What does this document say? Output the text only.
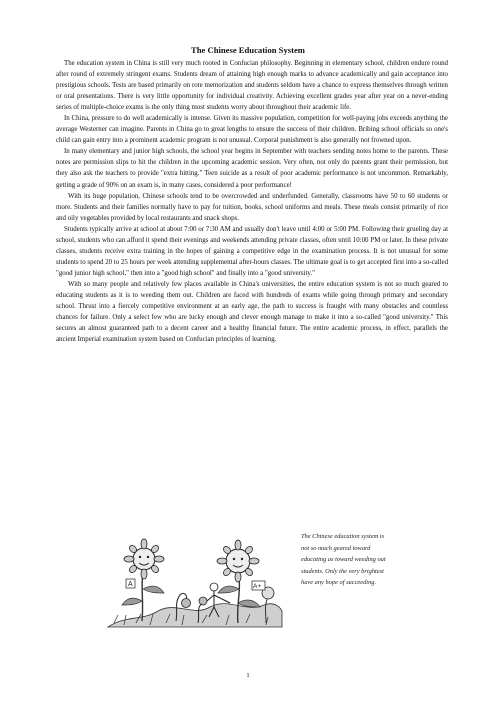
The Chinese Education System

The education system in China is still very much rooted in Confucian philosophy. Beginning in elementary school, children endure round after round of extremely stringent exams. Students dream of attaining high enough marks to advance academically and gain acceptance into prestigious schools. Tests are based primarily on rote memorization and students seldom have a chance to express themselves through written or oral presentations. There is very little opportunity for individual creativity. Achieving excellent grades year after year on a never-ending series of multiple-choice exams is the only thing most students worry about throughout their academic life.

In China, pressure to do well academically is intense. Given its massive population, competition for well-paying jobs exceeds anything the average Westerner can imagine. Parents in China go to great lengths to ensure the success of their children. Bribing school officials so one's child can gain entry into a prominent academic program is not unusual. Corporal punishment is also generally not frowned upon.

In many elementary and junior high schools, the school year begins in September with teachers sending notes home to the parents. These notes are permission slips to hit the children in the upcoming academic session. Very often, not only do parents grant their permission, but they also ask the teachers to provide "extra hitting." Teen suicide as a result of poor academic performance is not uncommon. Remarkably, getting a grade of 90% on an exam is, in many cases, considered a poor performance!

With its huge population, Chinese schools tend to be overcrowded and underfunded. Generally, classrooms have 50 to 60 students or more. Students and their families normally have to pay for tuition, books, school uniforms and meals. These meals consist primarily of rice and oily vegetables provided by local restaurants and snack shops.

Students typically arrive at school at about 7:00 or 7:30 AM and usually don't leave until 4:00 or 5:00 PM. Following their grueling day at school, students who can afford it spend their evenings and weekends attending private classes, often until 10:00 PM or later. In these private classes, students receive extra training in the hopes of gaining a competitive edge in the examination process. It is not unusual for some students to spend 20 to 25 hours per week attending supplemental after-hours classes. The ultimate goal is to get accepted first into a so-called "good junior high school," then into a "good high school" and finally into a "good university."

With so many people and relatively few places available in China's universities, the entire education system is not so much geared to educating students as it is to weeding them out. Children are faced with hundreds of exams while going through primary and secondary school. Thrust into a fiercely competitive environment at an early age, the path to success is fraught with many obstacles and countless chances for failure. Only a select few who are lucky enough and clever enough manage to make it into a so-called "good university." This secures an almost guaranteed path to a decent career and a healthy financial future. The entire academic process, in effect, parallels the ancient Imperial examination system based on Confucian principles of learning.

A	A+
The Chinese education system is
not so much geared toward
educating as toward weeding out
students. Only the very brightest
have any hope of succeeding.
1
